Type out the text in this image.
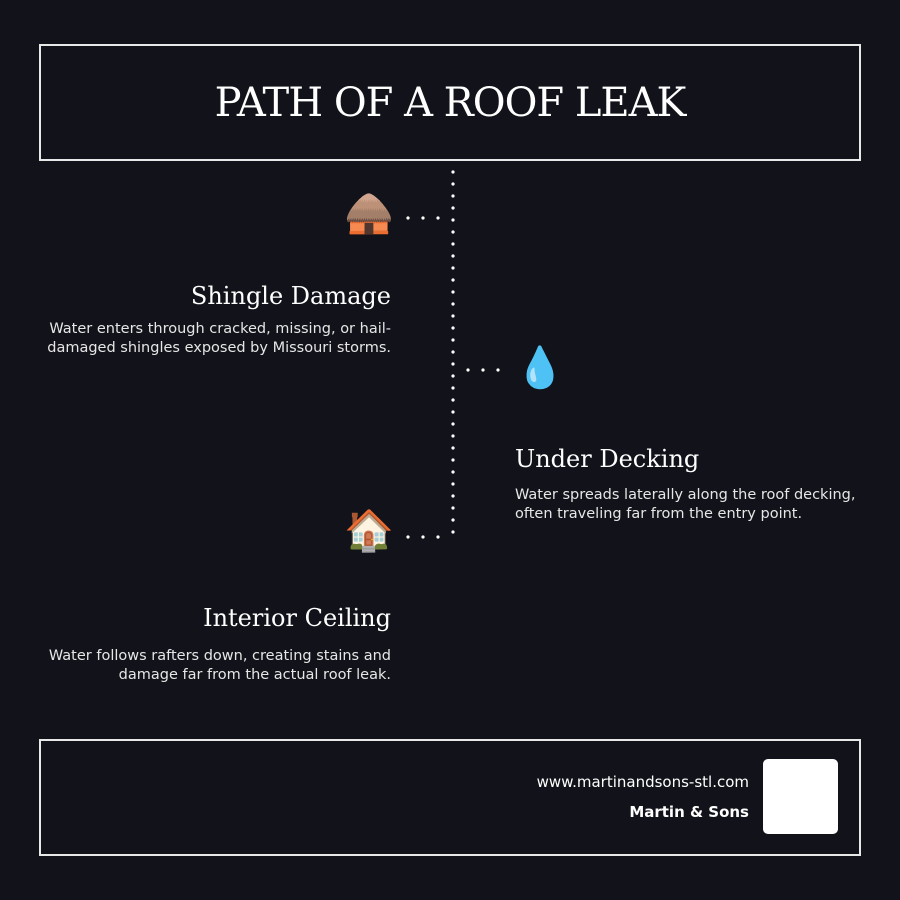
PATH OF A ROOF LEAK
🛖
Shingle Damage
Water enters through cracked, missing, or hail-damaged shingles exposed by Missouri storms.	💧
Under Decking
Water spreads laterally along the roof decking, often traveling far from the entry point.
🏠
Interior Ceiling
Water follows rafters down, creating stains and damage far from the actual roof leak.
www.martinandsons-stl.com
Martin & Sons
